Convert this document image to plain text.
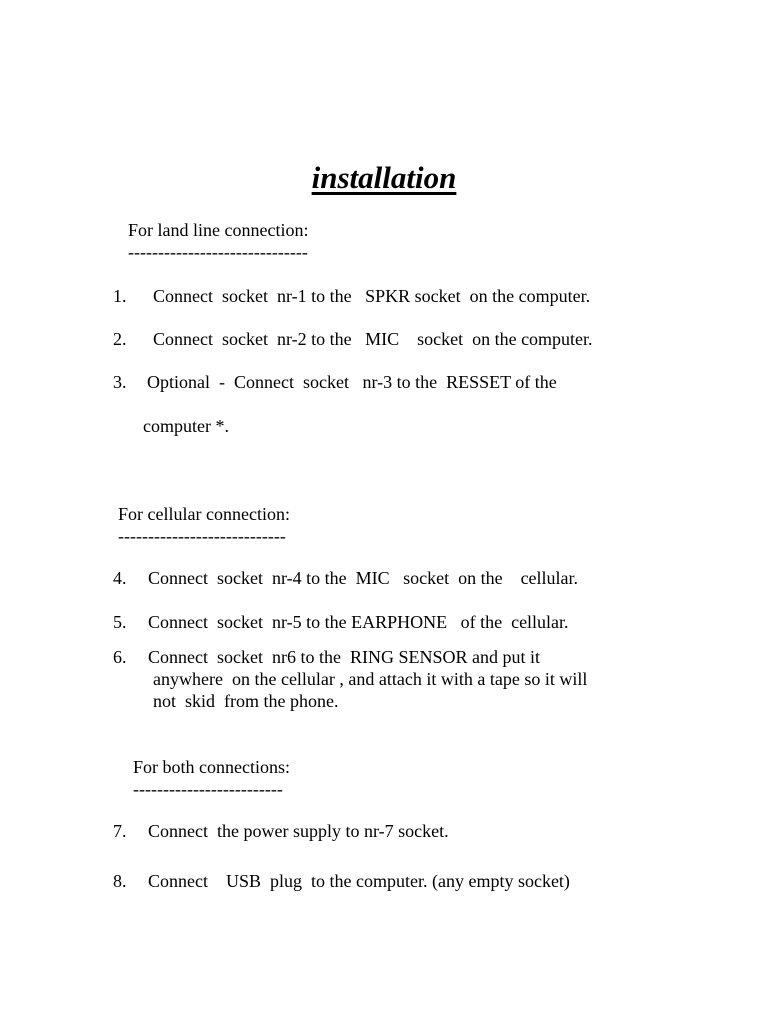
installation

For land line connection:

------------------------------

1. Connect  socket  nr-1 to the   SPKR socket  on the computer.

2. Connect  socket  nr-2 to the   MIC    socket  on the computer.

3. Optional  -  Connect  socket   nr-3 to the  RESSET of the

computer *.

For cellular connection:

----------------------------

4. Connect  socket  nr-4 to the  MIC   socket  on the    cellular.

5. Connect  socket  nr-5 to the EARPHONE   of the  cellular.

6. Connect  socket  nr6 to the  RING SENSOR and put it

anywhere  on the cellular , and attach it with a tape so it will

not  skid  from the phone.

For both connections:

-------------------------

7. Connect  the power supply to nr-7 socket.

8. Connect    USB  plug  to the computer. (any empty socket)
